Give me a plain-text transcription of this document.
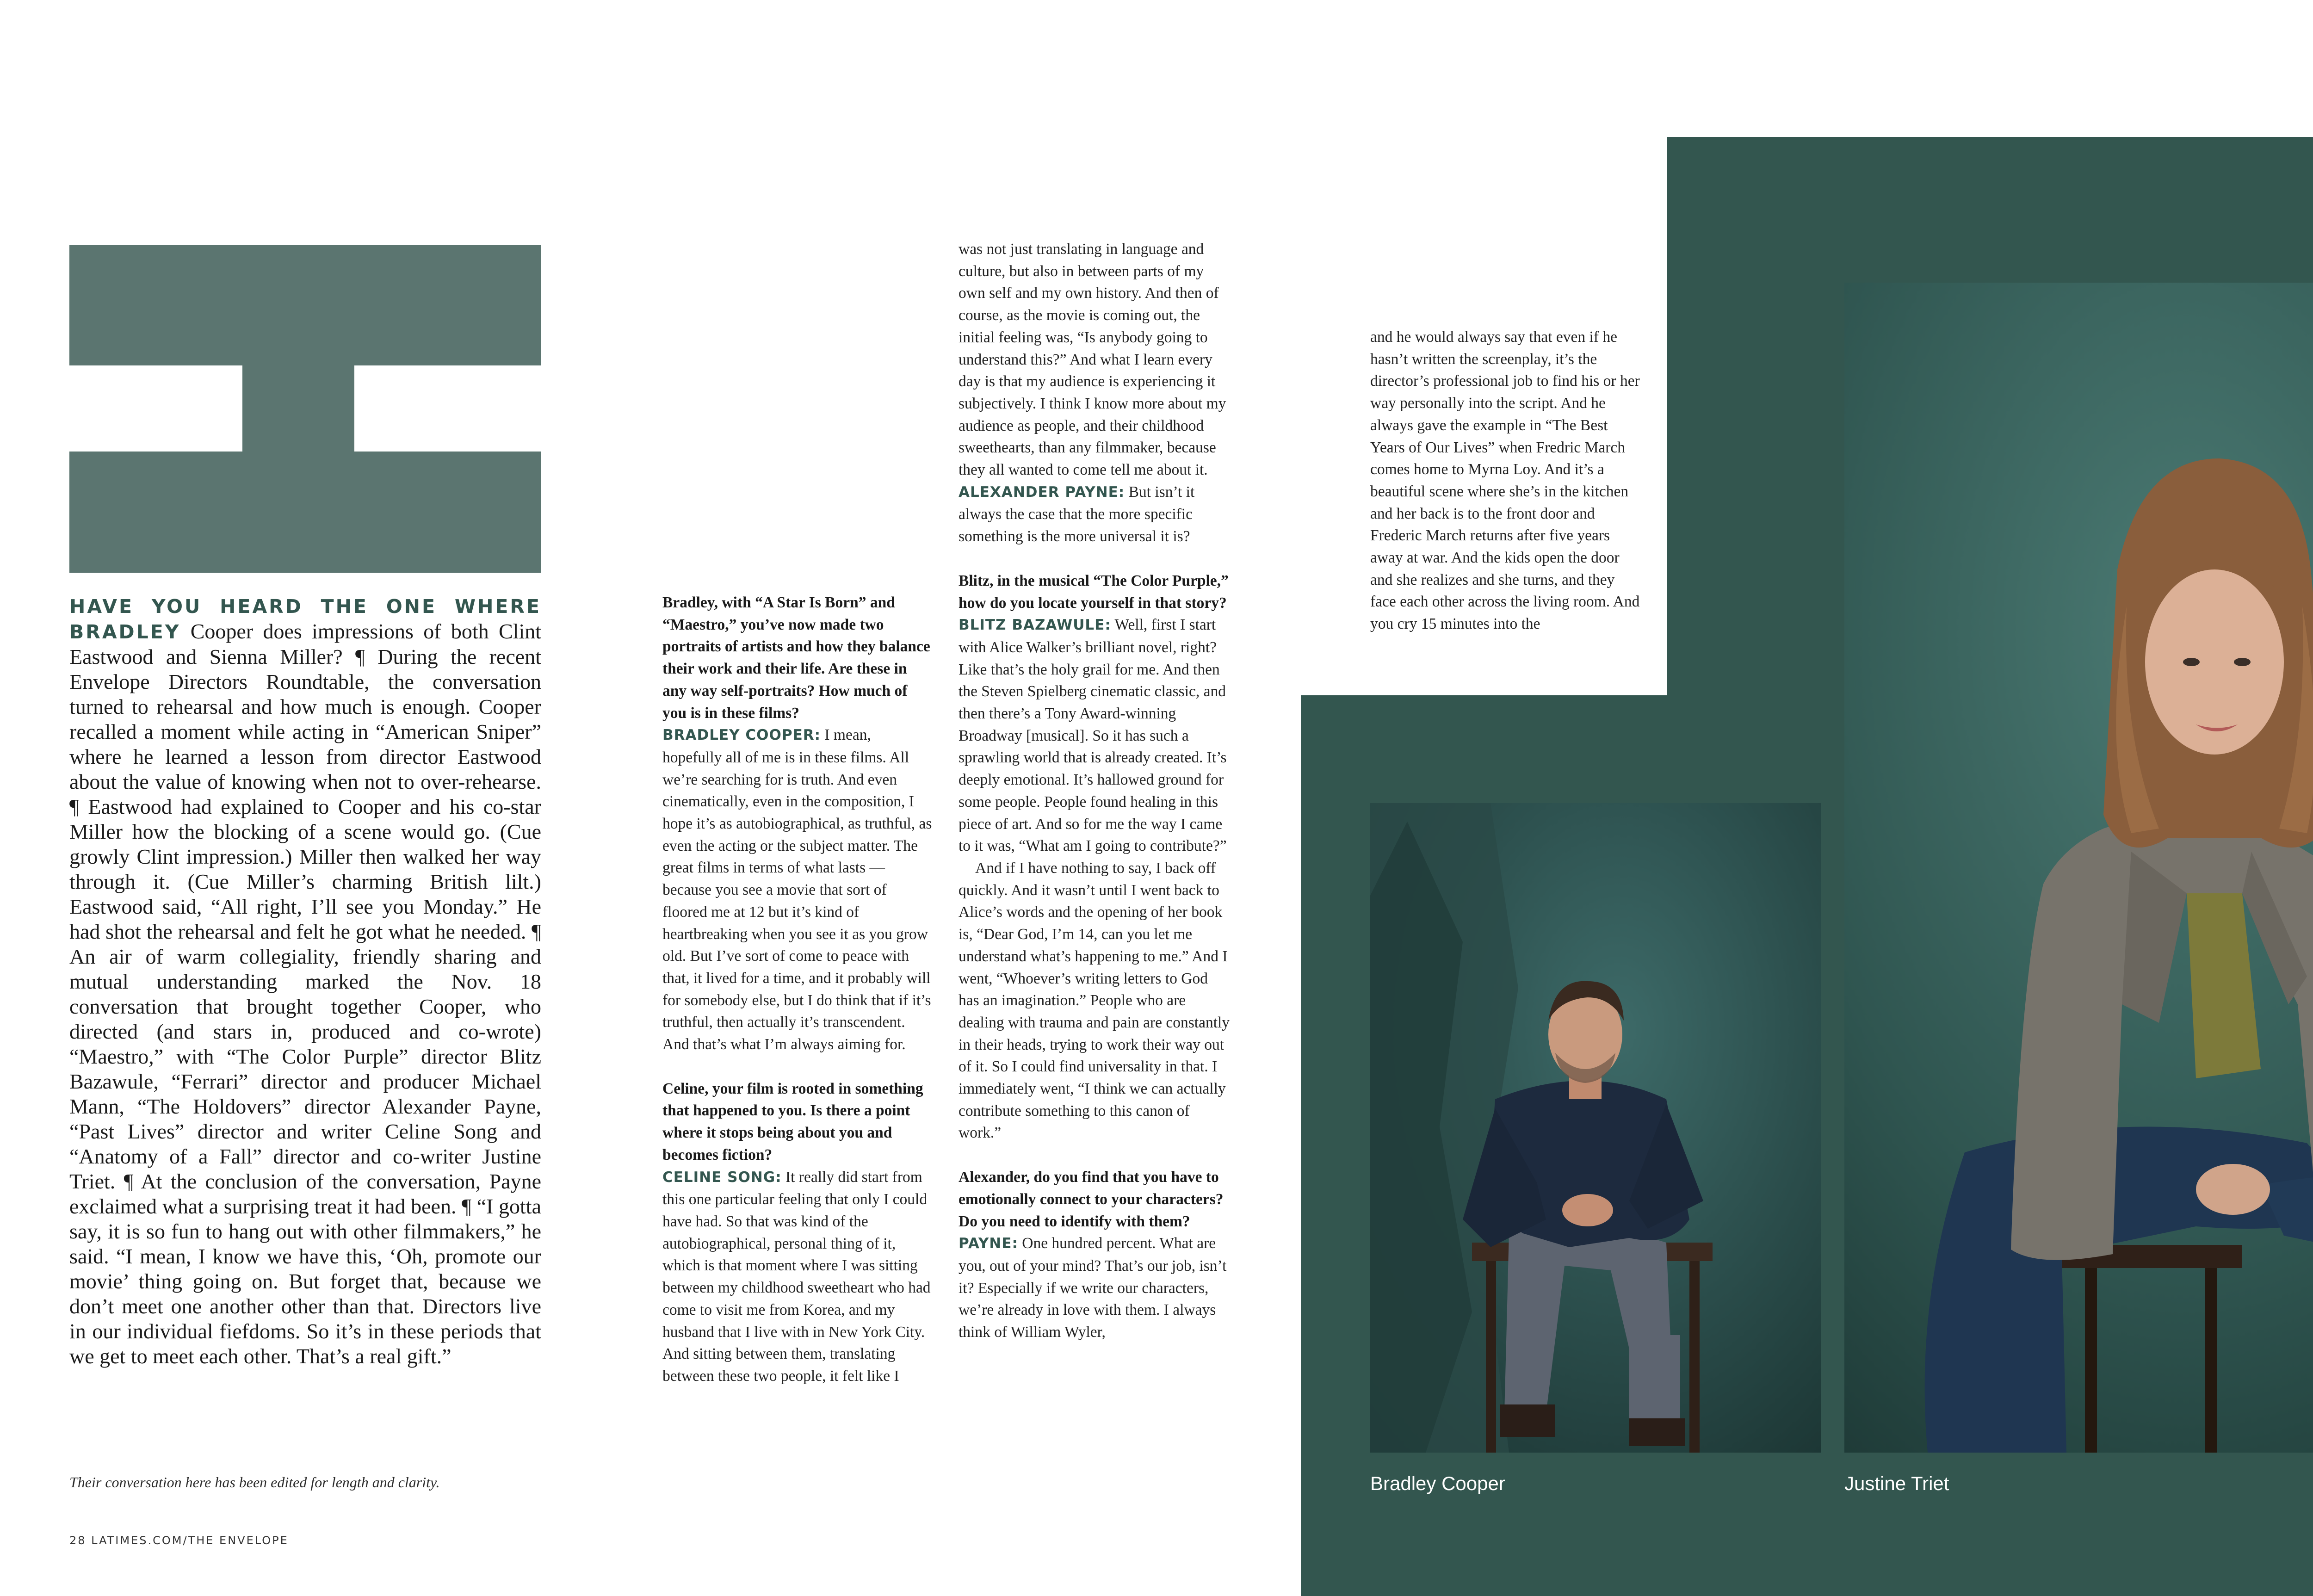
HAVE YOU HEARD THE ONE WHERE BRADLEY Cooper does impressions of both Clint Eastwood and Sienna Miller? ¶ During the recent Envelope Directors Roundtable, the conversation turned to rehearsal and how much is enough. Cooper recalled a moment while acting in “American Sniper” where he learned a lesson from director Eastwood about the value of knowing when not to over-rehearse. ¶ Eastwood had explained to Cooper and his co-star Miller how the blocking of a scene would go. (Cue growly Clint impression.) Miller then walked her way through it. (Cue Miller’s charming British lilt.) Eastwood said, “All right, I’ll see you Monday.” He had shot the rehearsal and felt he got what he needed. ¶ An air of warm collegiality, friendly sharing and mutual understanding marked the Nov. 18 conversation that brought together Cooper, who directed (and stars in, produced and co-wrote) “Maestro,” with “The Color Purple” director Blitz Bazawule, “Ferrari” director and producer Michael Mann, “The Holdovers” director Alexander Payne, “Past Lives” director and writer Celine Song and “Anatomy of a Fall” director and co-writer Justine Triet. ¶ At the conclusion of the conversation, Payne exclaimed what a surprising treat it had been. ¶ “I gotta say, it is so fun to hang out with other filmmakers,” he said. “I mean, I know we have this, ‘Oh, promote our movie’ thing going on. But forget that, because we don’t meet one another other than that. Directors live in our individual fiefdoms. So it’s in these periods that we get to meet each other. That’s a real gift.”
Their conversation here has been edited for length and clarity.
28 LATIMES.COM/THE ENVELOPE

Bradley, with “A Star Is Born” and “Maestro,” you’ve now made two portraits of artists and how they balance their work and their life. Are these in any way self-portraits? How much of you is in these films?

BRADLEY COOPER: I mean, hopefully all of me is in these films. All we’re searching for is truth. And even cinematically, even in the composition, I hope it’s as autobiographical, as truthful, as even the acting or the subject matter. The great films in terms of what lasts — because you see a movie that sort of floored me at 12 but it’s kind of heartbreaking when you see it as you grow old. But I’ve sort of come to peace with that, it lived for a time, and it probably will for somebody else, but I do think that if it’s truthful, then actually it’s transcendent. And that’s what I’m always aiming for.

Celine, your film is rooted in something that happened to you. Is there a point where it stops being about you and becomes fiction?

CELINE SONG: It really did start from this one particular feeling that only I could have had. So that was kind of the autobiographical, personal thing of it, which is that moment where I was sitting between my childhood sweetheart who had come to visit me from Korea, and my husband that I live with in New York City. And sitting between them, translating between these two people, it felt like I

was not just translating in language and culture, but also in between parts of my own self and my own history. And then of course, as the movie is coming out, the initial feeling was, “Is anybody going to understand this?” And what I learn every day is that my audience is experiencing it subjectively. I think I know more about my audience as people, and their childhood sweethearts, than any filmmaker, because they all wanted to come tell me about it.

ALEXANDER PAYNE: But isn’t it always the case that the more specific something is the more universal it is?

Blitz, in the musical “The Color Purple,” how do you locate yourself in that story?

BLITZ BAZAWULE: Well, first I start with Alice Walker’s brilliant novel, right? Like that’s the holy grail for me. And then the Steven Spielberg cinematic classic, and then there’s a Tony Award-winning Broadway [musical]. So it has such a sprawling world that is already created. It’s deeply emotional. It’s hallowed ground for some people. People found healing in this piece of art. And so for me the way I came to it was, “What am I going to contribute?”

And if I have nothing to say, I back off quickly. And it wasn’t until I went back to Alice’s words and the opening of her book is, “Dear God, I’m 14, can you let me understand what’s happening to me.” And I went, “Whoever’s writing letters to God has an imagination.” People who are dealing with trauma and pain are constantly in their heads, trying to work their way out of it. So I could find universality in that. I immediately went, “I think we can actually contribute something to this canon of work.”

Alexander, do you find that you have to emotionally connect to your characters? Do you need to identify with them?

PAYNE: One hundred percent. What are you, out of your mind? That’s our job, isn’t it? Especially if we write our characters, we’re already in love with them. I always think of William Wyler,

and he would always say that even if he hasn’t written the screenplay, it’s the director’s professional job to find his or her way personally into the script. And he always gave the example in “The Best Years of Our Lives” when Fredric March comes home to Myrna Loy. And it’s a beautiful scene where she’s in the kitchen and her back is to the front door and Frederic March returns after five years away at war. And the kids open the door and she realizes and she turns, and they face each other across the living room. And you cry 15 minutes into the

Bradley Cooper	Justine Triet
